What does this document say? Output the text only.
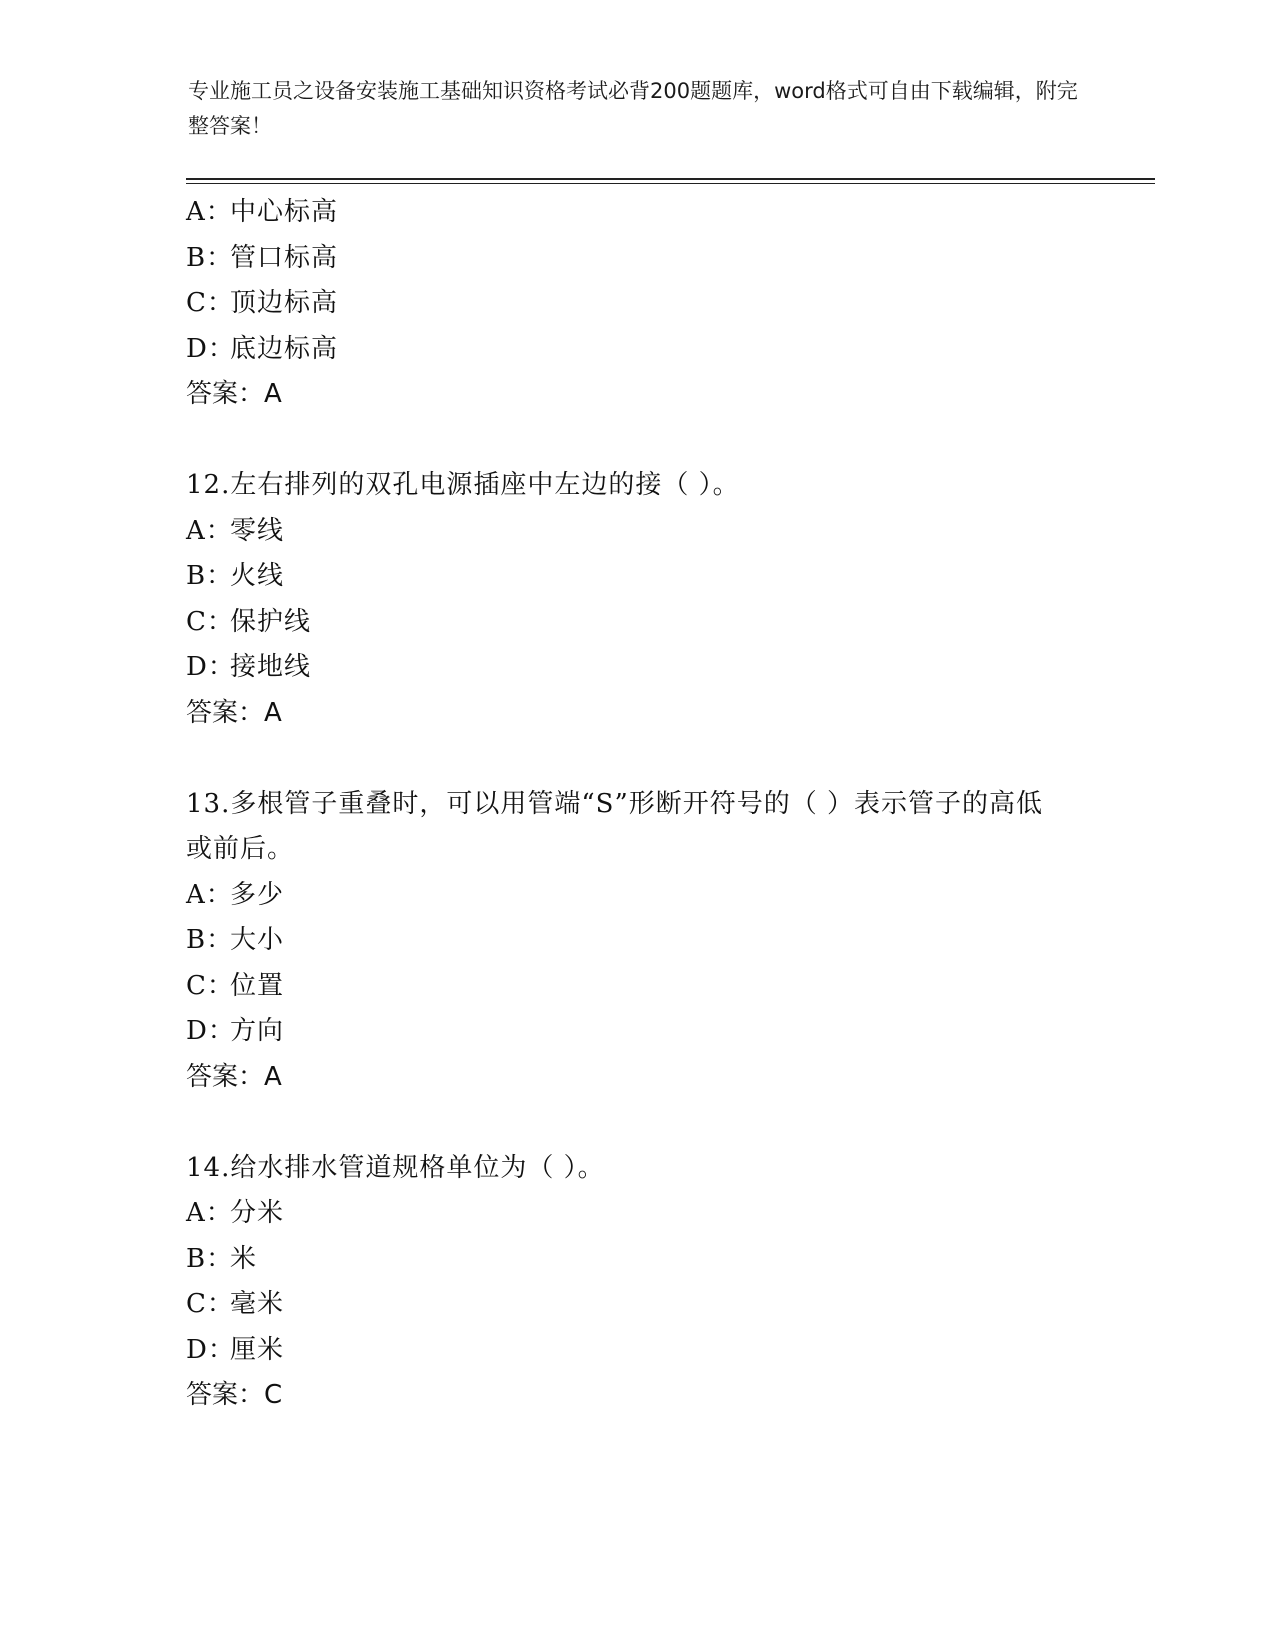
专业施工员之设备安装施工基础知识资格考试必背200题题库，word格式可自由下载编辑，附完整答案！
A：中心标高
B：管口标高
C：顶边标高
D：底边标高
答案：A
12.左右排列的双孔电源插座中左边的接（ ）。
A：零线
B：火线
C：保护线
D：接地线
答案：A
13.多根管子重叠时，可以用管端“S”形断开符号的（ ）表示管子的高低或前后。
A：多少
B：大小
C：位置
D：方向
答案：A
14.给水排水管道规格单位为（ ）。
A：分米
B：米
C：毫米
D：厘米
答案：C
